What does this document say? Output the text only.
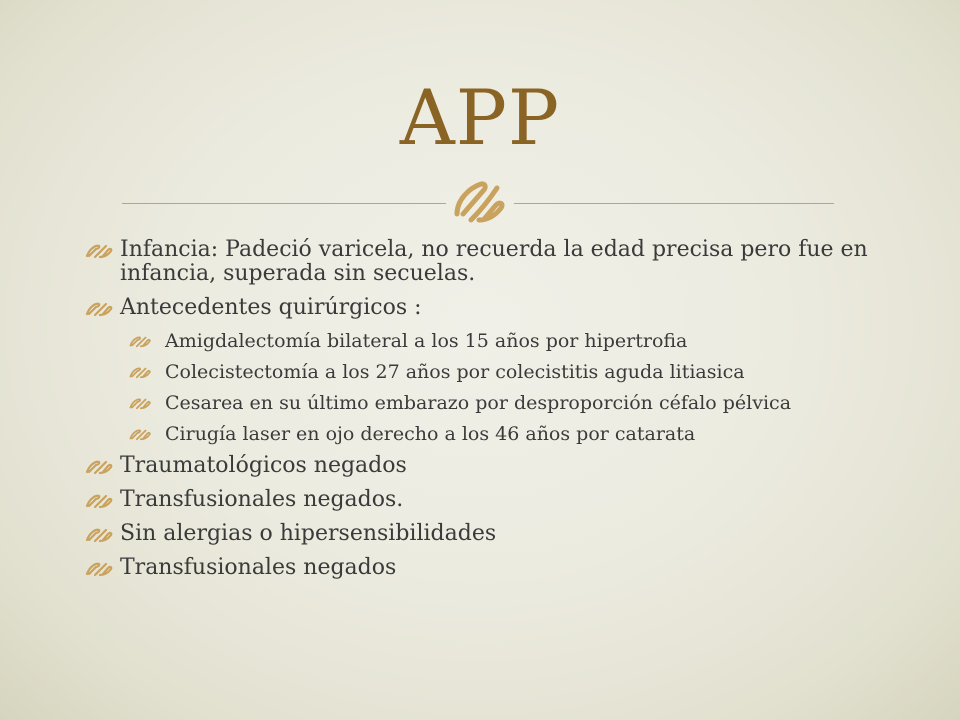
APP
Infancia: Padeció varicela, no recuerda la edad precisa pero fue en infancia, superada sin secuelas.
Antecedentes quirúrgicos :
Amigdalectomía bilateral a los 15 años por hipertrofia
Colecistectomía a los 27 años por colecistitis aguda litiasica
Cesarea en su último embarazo por desproporción céfalo pélvica
Cirugía laser en ojo derecho a los 46 años por catarata
Traumatológicos negados
Transfusionales negados.
Sin alergias o hipersensibilidades
Transfusionales negados
